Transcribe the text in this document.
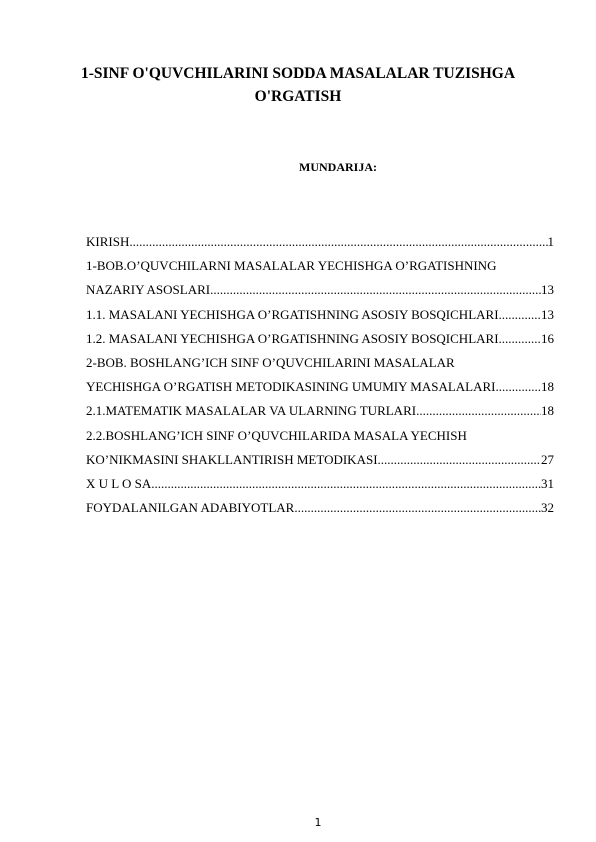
1-SINF O'QUVCHILARINI SODDA MASALALAR TUZISHGA
O'RGATISH
MUNDARIJA:
KIRISH .....	1
1-BOB.O’QUVCHILARNI MASALALAR YECHISHGA O’RGATISHNING
NAZARIY ASOSLARI .....	13
1.1. MASALANI YECHISHGA O’RGATISHNING ASOSIY BOSQICHLARI. .....	13
1.2. MASALANI YECHISHGA O’RGATISHNING ASOSIY BOSQICHLARI. .....	16
2-BOB. BOSHLANG’ICH SINF O’QUVCHILARINI MASALALAR
YECHISHGA O’RGATISH METODIKASINING UMUMIY MASALALARI .....	18
2.1.MATEMATIK MASALALAR VA ULARNING TURLARI .....	18
2.2.BOSHLANG’ICH SINF O’QUVCHILARIDA MASALA YECHISH
KO’NIKMASINI SHAKLLANTIRISH METODIKASI .....	27
X U L O SA .....	31
FOYDALANILGAN ADABIYOTLAR .....	32
1
